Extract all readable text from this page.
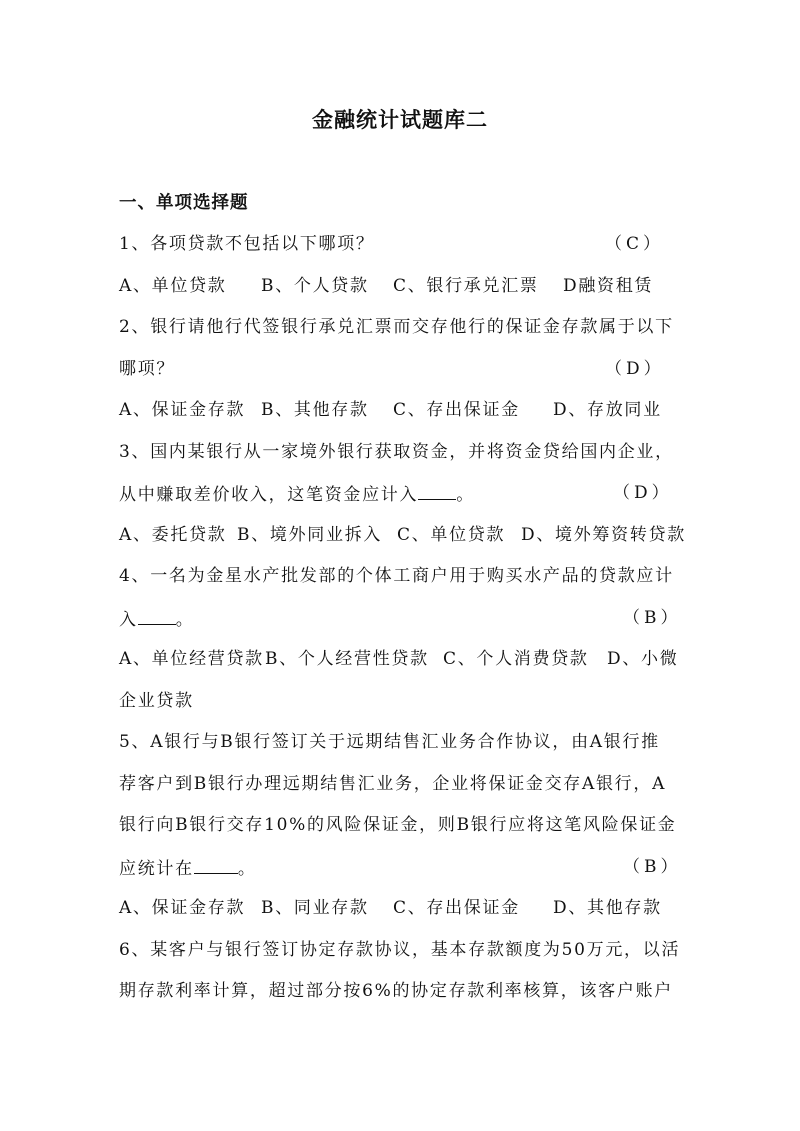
金融统计试题库二
一、单项选择题
1、各项贷款不包括以下哪项？	（C）
A、单位贷款 B、个人贷款 C、银行承兑汇票 D融资租赁
2、银行请他行代签银行承兑汇票而交存他行的保证金存款属于以下
哪项？	（D）
A、保证金存款 B、其他存款 C、存出保证金 D、存放同业
3、国内某银行从一家境外银行获取资金，并将资金贷给国内企业，
从中赚取差价收入，这笔资金应计入 。	（D）
A、委托贷款 B、境外同业拆入 C、单位贷款 D、境外筹资转贷款
4、一名为金星水产批发部的个体工商户用于购买水产品的贷款应计
入 。	（B）
A、单位经营贷款B、个人经营性贷款 C、个人消费贷款 D、小微
企业贷款
5、A银行与B银行签订关于远期结售汇业务合作协议，由A银行推
荐客户到B银行办理远期结售汇业务，企业将保证金交存A银行，A
银行向B银行交存10%的风险保证金，则B银行应将这笔风险保证金
应统计在	。	（B）
A、保证金存款 B、同业存款 C、存出保证金 D、其他存款
6、某客户与银行签订协定存款协议，基本存款额度为50万元，以活
期存款利率计算，超过部分按6%的协定存款利率核算，该客户账户
